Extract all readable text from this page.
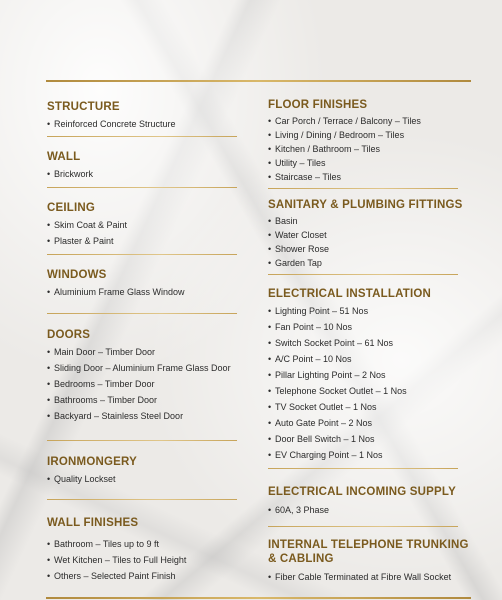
STRUCTURE
• Reinforced Concrete Structure
WALL
• Brickwork
CEILING
• Skim Coat & Paint
• Plaster & Paint
WINDOWS
• Aluminium Frame Glass Window
DOORS
• Main Door – Timber Door
• Sliding Door – Aluminium Frame Glass Door
• Bedrooms – Timber Door
• Bathrooms – Timber Door
• Backyard – Stainless Steel Door
IRONMONGERY
• Quality Lockset
WALL FINISHES
• Bathroom – Tiles up to 9 ft
• Wet Kitchen – Tiles to Full Height
• Others – Selected Paint Finish
FLOOR FINISHES
• Car Porch / Terrace / Balcony – Tiles
• Living / Dining / Bedroom – Tiles
• Kitchen / Bathroom – Tiles
• Utility – Tiles
• Staircase – Tiles
SANITARY & PLUMBING FITTINGS
• Basin
• Water Closet
• Shower Rose
• Garden Tap
ELECTRICAL INSTALLATION
• Lighting Point – 51 Nos
• Fan Point – 10 Nos
• Switch Socket Point – 61 Nos
• A/C Point – 10 Nos
• Pillar Lighting Point – 2 Nos
• Telephone Socket Outlet – 1 Nos
• TV Socket Outlet – 1 Nos
• Auto Gate Point – 2 Nos
• Door Bell Switch – 1 Nos
• EV Charging Point – 1 Nos
ELECTRICAL INCOMING SUPPLY
• 60A, 3 Phase
INTERNAL TELEPHONE TRUNKING
& CABLING
• Fiber Cable Terminated at Fibre Wall Socket
